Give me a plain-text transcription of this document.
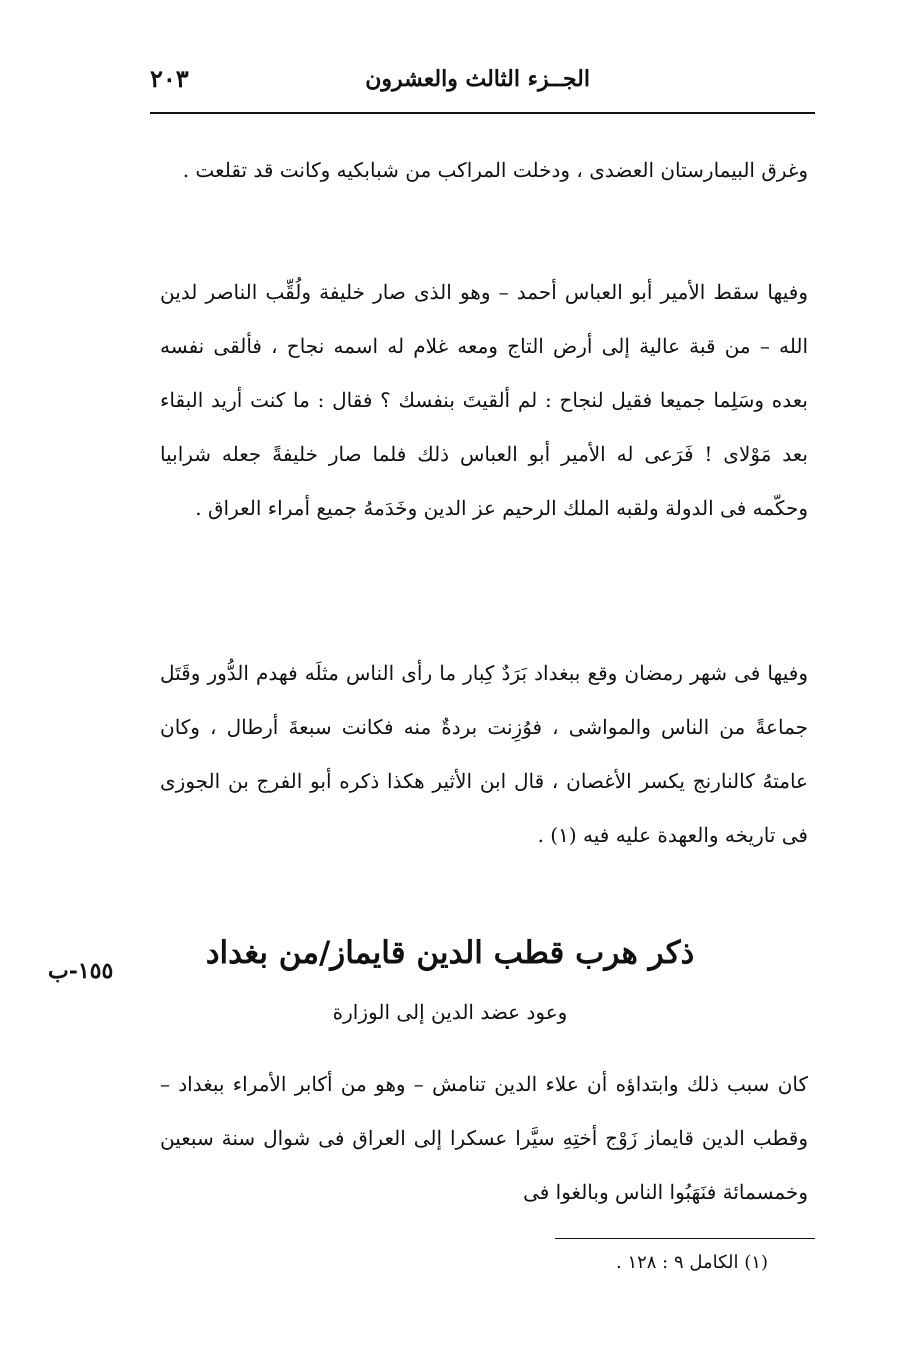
الجــزء الثالث والعشرون
٢٠٣

وغرق البيمارستان العضدى ، ودخلت المراكب من شبابكيه وكانت قد تقلعت .

وفيها سقط الأمير أبو العباس أحمد – وهو الذى صار خليفة ولُقِّب الناصر لدين الله – من قبة عالية إلى أرض التاج ومعه غلام له اسمه نجاح ، فألقى نفسه بعده وسَلِما جميعا فقيل لنجاح : لم ألقيتَ بنفسك ؟ فقال : ما كنت أريد البقاء بعد مَوْلاى ! فَرَعى له الأمير أبو العباس ذلك فلما صار خليفةً جعله شرابيا وحكّمه فى الدولة ولقبه الملك الرحيم عز الدين وخَدَمهُ جميع أمراء العراق .

وفيها فى شهر رمضان وقع ببغداد بَرَدٌ كِبار ما رأى الناس مثلَه فهدم الدُّور وقَتَل جماعةً من الناس والمواشى ، فوُزِنت بردةٌ منه فكانت سبعةَ أرطال ، وكان عامتهُ كالنارنج يكسر الأغصان ، قال ابن الأثير هكذا ذكره أبو الفرج بن الجوزى فى تاريخه والعهدة عليه فيه (١) .

ذكر هرب قطب الدين قايماز/من بغداد
وعود عضد الدين إلى الوزارة
١٥٥-ب

كان سبب ذلك وابتداؤه أن علاء الدين تنامش – وهو من أكابر الأمراء ببغداد – وقطب الدين قايماز زَوْج أختِهِ سيَّرا عسكرا إلى العراق فى شوال سنة سبعين وخمسمائة فنَهَبُوا الناس وبالغوا فى

(١) الكامل ٩ : ١٢٨ .
